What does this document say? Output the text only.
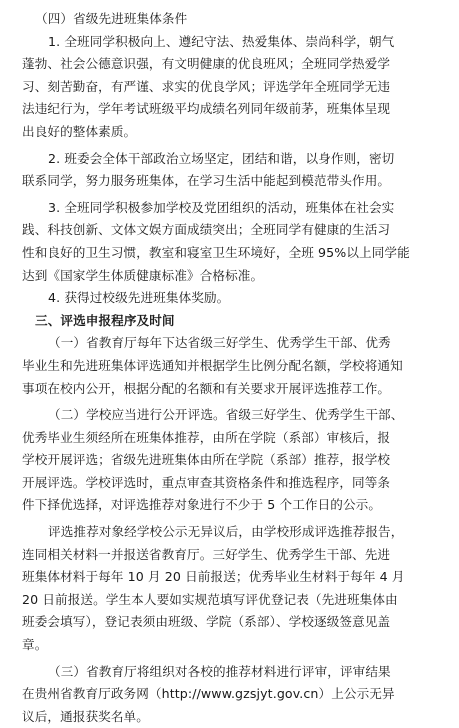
（四）省级先进班集体条件
1. 全班同学积极向上、遵纪守法、热爱集体、崇尚科学，朝气
蓬勃、社会公德意识强，有文明健康的优良班风；全班同学热爱学
习、刻苦勤奋，有严谨、求实的优良学风；评选学年全班同学无违
法违纪行为，学年考试班级平均成绩名列同年级前茅，班集体呈现
出良好的整体素质。
2. 班委会全体干部政治立场坚定，团结和谐，以身作则，密切
联系同学，努力服务班集体，在学习生活中能起到模范带头作用。
3. 全班同学积极参加学校及党团组织的活动，班集体在社会实
践、科技创新、文体文娱方面成绩突出；全班同学有健康的生活习
性和良好的卫生习惯，教室和寝室卫生环境好，全班 95%以上同学能
达到《国家学生体质健康标准》合格标准。
4. 获得过校级先进班集体奖励。
三、评选申报程序及时间
（一）省教育厅每年下达省级三好学生、优秀学生干部、优秀
毕业生和先进班集体评选通知并根据学生比例分配名额，学校将通知
事项在校内公开，根据分配的名额和有关要求开展评选推荐工作。
（二）学校应当进行公开评选。省级三好学生、优秀学生干部、
优秀毕业生须经所在班集体推荐，由所在学院（系部）审核后，报
学校开展评选；省级先进班集体由所在学院（系部）推荐，报学校
开展评选。学校评选时，重点审查其资格条件和推选程序，同等条
件下择优选择，对评选推荐对象进行不少于 5 个工作日的公示。
评选推荐对象经学校公示无异议后，由学校形成评选推荐报告，
连同相关材料一并报送省教育厅。三好学生、优秀学生干部、先进
班集体材料于每年 10 月 20 日前报送；优秀毕业生材料于每年 4 月
20 日前报送。学生本人要如实规范填写评优登记表（先进班集体由
班委会填写），登记表须由班级、学院（系部）、学校逐级签意见盖
章。
（三）省教育厅将组织对各校的推荐材料进行评审，评审结果
在贵州省教育厅政务网（http://www.gzsjyt.gov.cn）上公示无异
议后，通报获奖名单。
